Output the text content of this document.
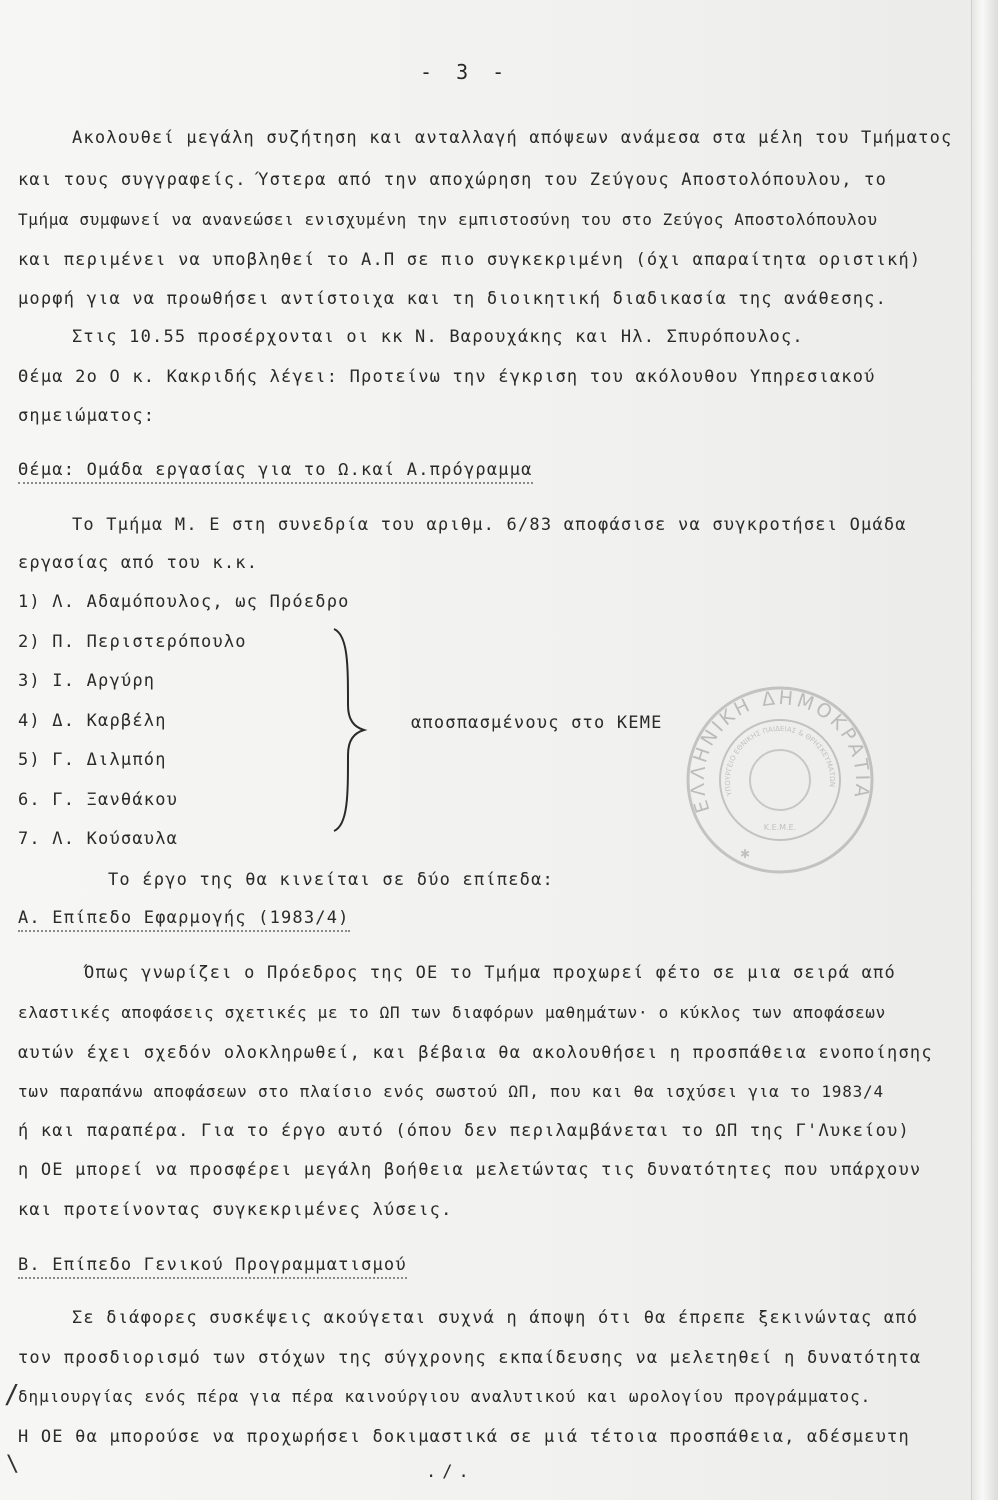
- 3 -
Ακολουθεί μεγάλη συζήτηση και ανταλλαγή απόψεων ανάμεσα στα μέλη του Τμήματος
και τους συγγραφείς. Ύστερα από την αποχώρηση του Ζεύγους Αποστολόπουλου, το
Τμήμα συμφωνεί να ανανεώσει ενισχυμένη την εμπιστοσύνη του στο Ζεύγος Αποστολόπουλου
και περιμένει να υποβληθεί το Α.Π σε πιο συγκεκριμένη (όχι απαραίτητα οριστική)
μορφή για να προωθήσει αντίστοιχα και τη διοικητική διαδικασία της ανάθεσης.
Στις 10.55 προσέρχονται οι κκ Ν. Βαρουχάκης και Ηλ. Σπυρόπουλος.
Θέμα 2ο Ο κ. Κακριδής λέγει: Προτείνω την έγκριση του ακόλουθου Υπηρεσιακού
σημειώματος:
Θέμα: Ομάδα εργασίας για το Ω.καί Α.πρόγραμμα
Το Τμήμα Μ. Ε στη συνεδρία του αριθμ. 6/83 αποφάσισε να συγκροτήσει Ομάδα
εργασίας από του κ.κ.
1) Λ. Αδαμόπουλος, ως Πρόεδρο
2) Π. Περιστερόπουλο
3) Ι. Αργύρη
4) Δ. Καρβέλη
5) Γ. Διλμπόη
6. Γ. Ξανθάκου
7. Λ. Κούσαυλα
αποσπασμένους στο ΚΕΜΕ
ΕΛΛΗΝΙΚΗ ΔΗΜΟΚΡΑΤΙΑ
ΥΠΟΥΡΓΕΙΟ ΕΘΝΙΚΗΣ ΠΑΙΔΕΙΑΣ & ΘΡΗΣΚΕΥΜΑΤΩΝ
Κ.Ε.Μ.Ε.
✱
Το έργο της θα κινείται σε δύο επίπεδα:
Α. Επίπεδο Εφαρμογής (1983/4)
Όπως γνωρίζει ο Πρόεδρος της ΟΕ το Τμήμα προχωρεί φέτο σε μια σειρά από
ελαστικές αποφάσεις σχετικές με το ΩΠ των διαφόρων μαθημάτων· ο κύκλος των αποφάσεων
αυτών έχει σχεδόν ολοκληρωθεί, και βέβαια θα ακολουθήσει η προσπάθεια ενοποίησης
των παραπάνω αποφάσεων στο πλαίσιο ενός σωστού ΩΠ, που και θα ισχύσει για το 1983/4
ή και παραπέρα. Για το έργο αυτό (όπου δεν περιλαμβάνεται το ΩΠ της Γ'Λυκείου)
η ΟΕ μπορεί να προσφέρει μεγάλη βοήθεια μελετώντας τις δυνατότητες που υπάρχουν
και προτείνοντας συγκεκριμένες λύσεις.
Β. Επίπεδο Γενικού Προγραμματισμού
Σε διάφορες συσκέψεις ακούγεται συχνά η άποψη ότι θα έπρεπε ξεκινώντας από
τον προσδιορισμό των στόχων της σύγχρονης εκπαίδευσης να μελετηθεί η δυνατότητα
δημιουργίας ενός πέρα για πέρα καινούργιου αναλυτικού και ωρολογίου προγράμματος.
Η ΟΕ θα μπορούσε να προχωρήσει δοκιμαστικά σε μιά τέτοια προσπάθεια, αδέσμευτη
/
\	./.
